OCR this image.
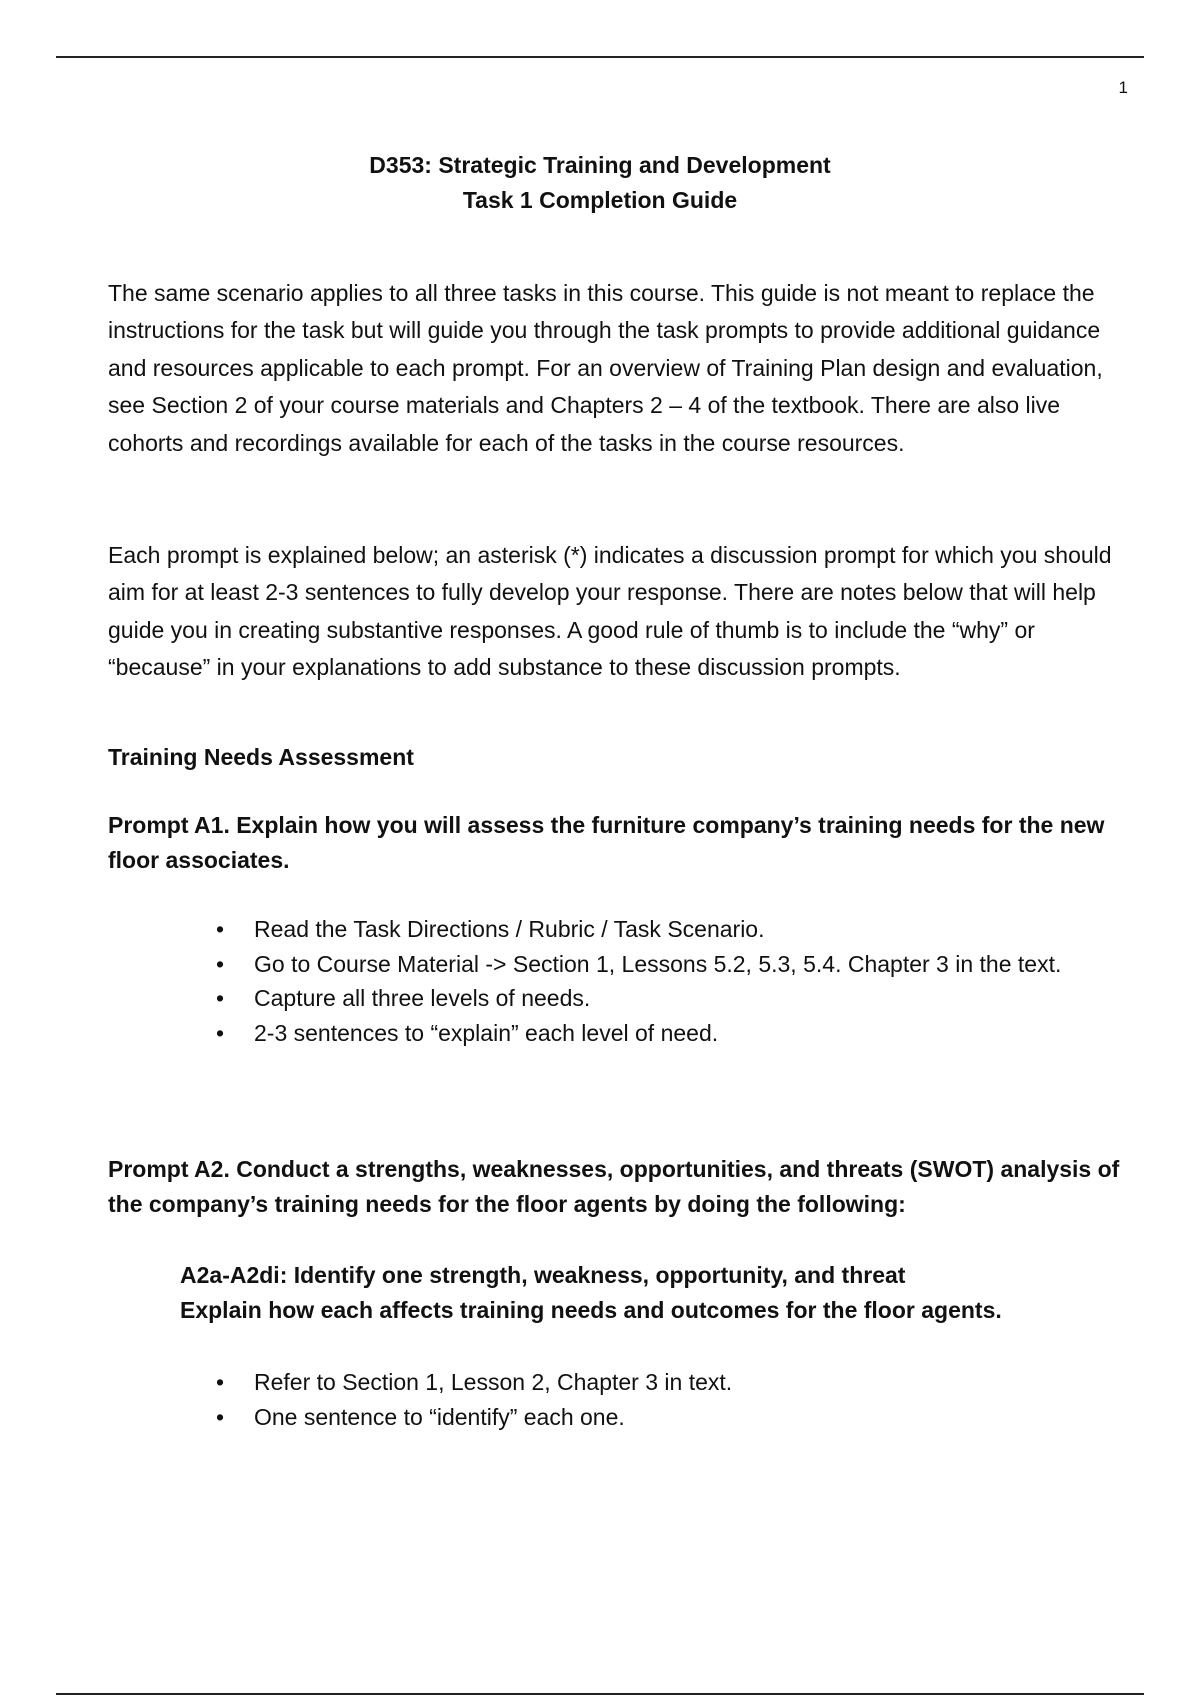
1
D353: Strategic Training and Development
Task 1 Completion Guide
The same scenario applies to all three tasks in this course. This guide is not meant to replace the instructions for the task but will guide you through the task prompts to provide additional guidance and resources applicable to each prompt. For an overview of Training Plan design and evaluation, see Section 2 of your course materials and Chapters 2 – 4 of the textbook. There are also live cohorts and recordings available for each of the tasks in the course resources.
Each prompt is explained below; an asterisk (*) indicates a discussion prompt for which you should aim for at least 2-3 sentences to fully develop your response. There are notes below that will help guide you in creating substantive responses. A good rule of thumb is to include the “why” or “because” in your explanations to add substance to these discussion prompts.
Training Needs Assessment
Prompt A1. Explain how you will assess the furniture company’s training needs for the new floor associates.
• Read the Task Directions / Rubric / Task Scenario.
• Go to Course Material -> Section 1, Lessons 5.2, 5.3, 5.4. Chapter 3 in the text.
• Capture all three levels of needs.
• 2-3 sentences to “explain” each level of need.
Prompt A2. Conduct a strengths, weaknesses, opportunities, and threats (SWOT) analysis of the company’s training needs for the floor agents by doing the following:
A2a-A2di: Identify one strength, weakness, opportunity, and threat
Explain how each affects training needs and outcomes for the floor agents.
• Refer to Section 1, Lesson 2, Chapter 3 in text.
• One sentence to “identify” each one.
